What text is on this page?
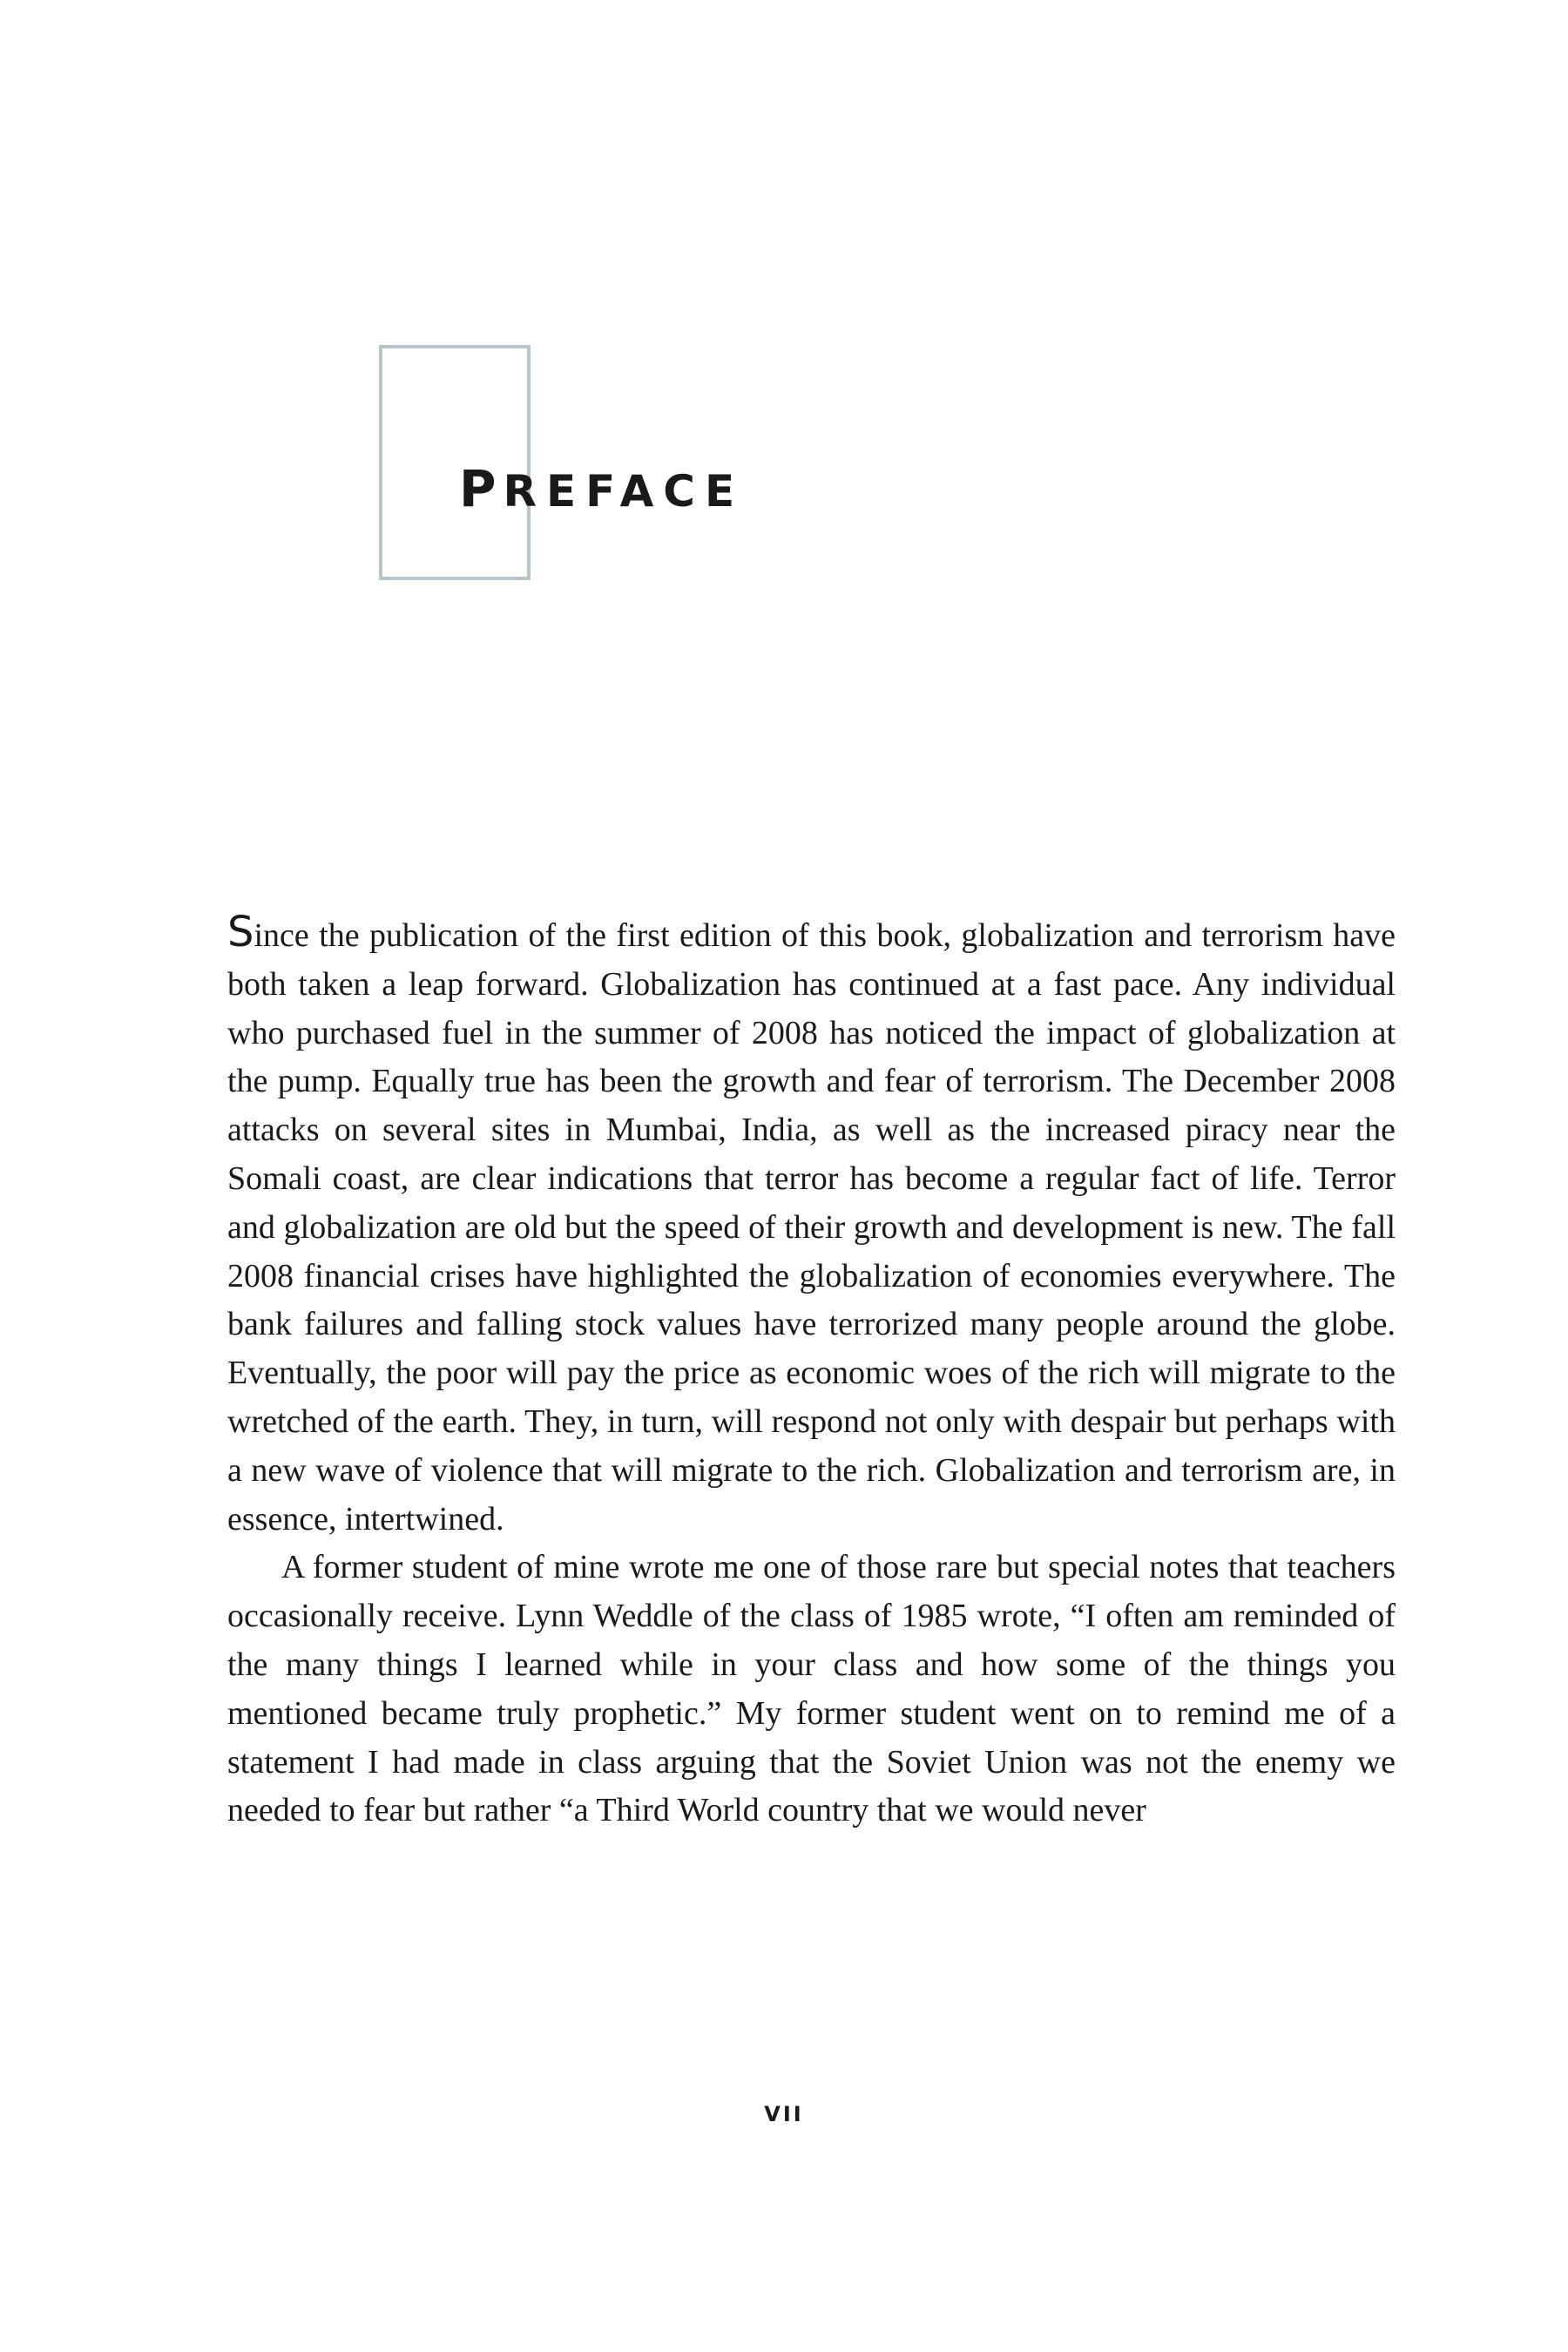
PREFACE

Since the publication of the first edition of this book, globalization and terrorism have both taken a leap forward. Globalization has continued at a fast pace. Any individual who purchased fuel in the summer of 2008 has noticed the impact of globalization at the pump. Equally true has been the growth and fear of terrorism. The December 2008 attacks on several sites in Mumbai, India, as well as the increased piracy near the Somali coast, are clear indications that terror has become a regular fact of life. Terror and globalization are old but the speed of their growth and development is new. The fall 2008 financial crises have highlighted the globalization of economies everywhere. The bank failures and falling stock values have terrorized many people around the globe. Eventually, the poor will pay the price as economic woes of the rich will migrate to the wretched of the earth. They, in turn, will respond not only with despair but perhaps with a new wave of violence that will migrate to the rich. Globalization and terrorism are, in essence, intertwined.

A former student of mine wrote me one of those rare but special notes that teachers occasionally receive. Lynn Weddle of the class of 1985 wrote, “I often am reminded of the many things I learned while in your class and how some of the things you mentioned became truly prophetic.” My former student went on to remind me of a statement I had made in class arguing that the Soviet Union was not the enemy we needed to fear but rather “a Third World country that we would never

VII
